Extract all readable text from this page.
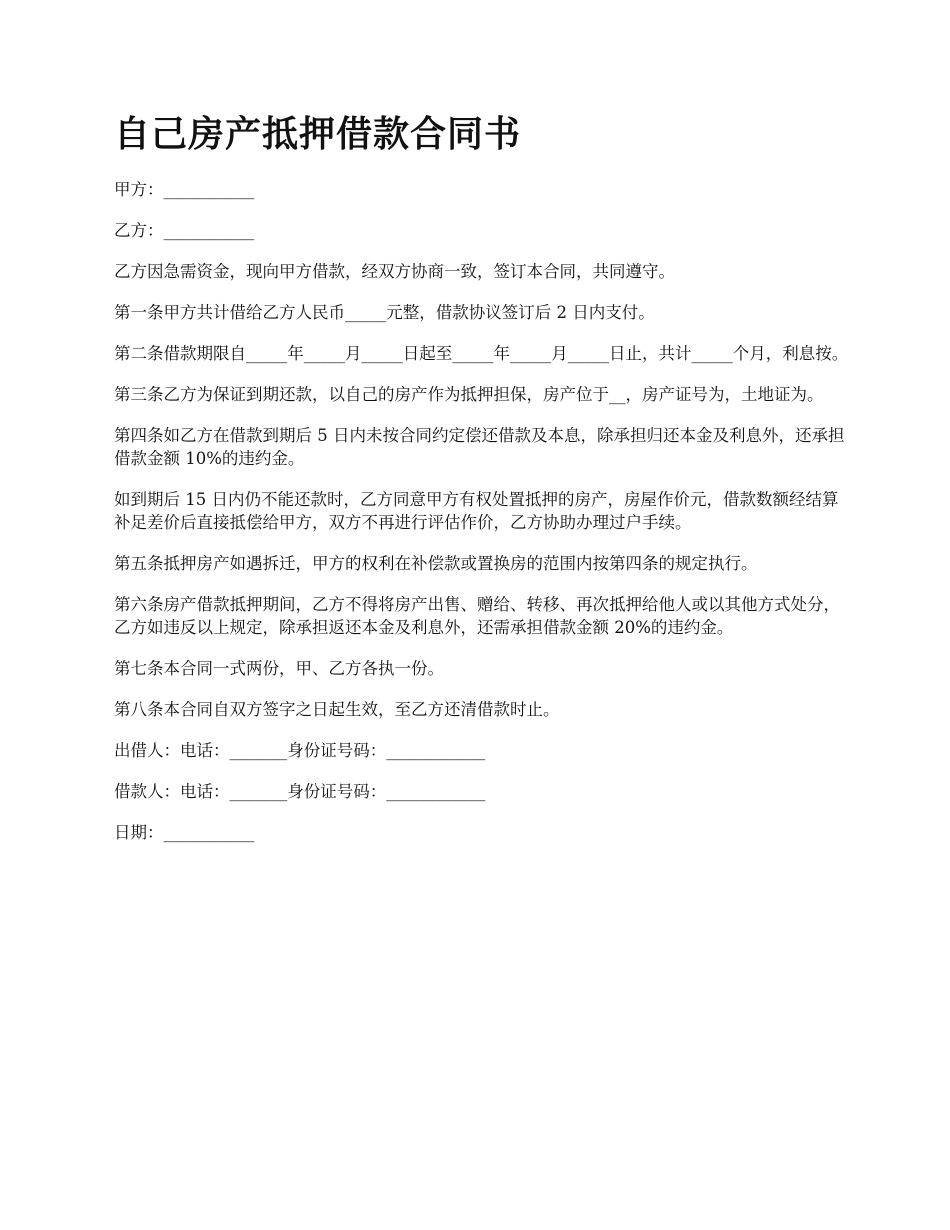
自己房产抵押借款合同书

甲方：___________

乙方：___________

乙方因急需资金，现向甲方借款，经双方协商一致，签订本合同，共同遵守。

第一条甲方共计借给乙方人民币_____元整，借款协议签订后 2 日内支付。

第二条借款期限自_____年_____月_____日起至_____年_____月_____日止，共计_____个月，利息按。

第三条乙方为保证到期还款，以自己的房产作为抵押担保，房产位于__，房产证号为，土地证为。

第四条如乙方在借款到期后 5 日内未按合同约定偿还借款及本息，除承担归还本金及利息外，还承担借款金额 10%的违约金。

如到期后 15 日内仍不能还款时，乙方同意甲方有权处置抵押的房产，房屋作价元，借款数额经结算补足差价后直接抵偿给甲方，双方不再进行评估作价，乙方协助办理过户手续。

第五条抵押房产如遇拆迁，甲方的权利在补偿款或置换房的范围内按第四条的规定执行。

第六条房产借款抵押期间，乙方不得将房产出售、赠给、转移、再次抵押给他人或以其他方式处分，乙方如违反以上规定，除承担返还本金及利息外，还需承担借款金额 20%的违约金。

第七条本合同一式两份，甲、乙方各执一份。

第八条本合同自双方签字之日起生效，至乙方还清借款时止。

出借人：电话：_______身份证号码：____________

借款人：电话：_______身份证号码：____________

日期：___________
